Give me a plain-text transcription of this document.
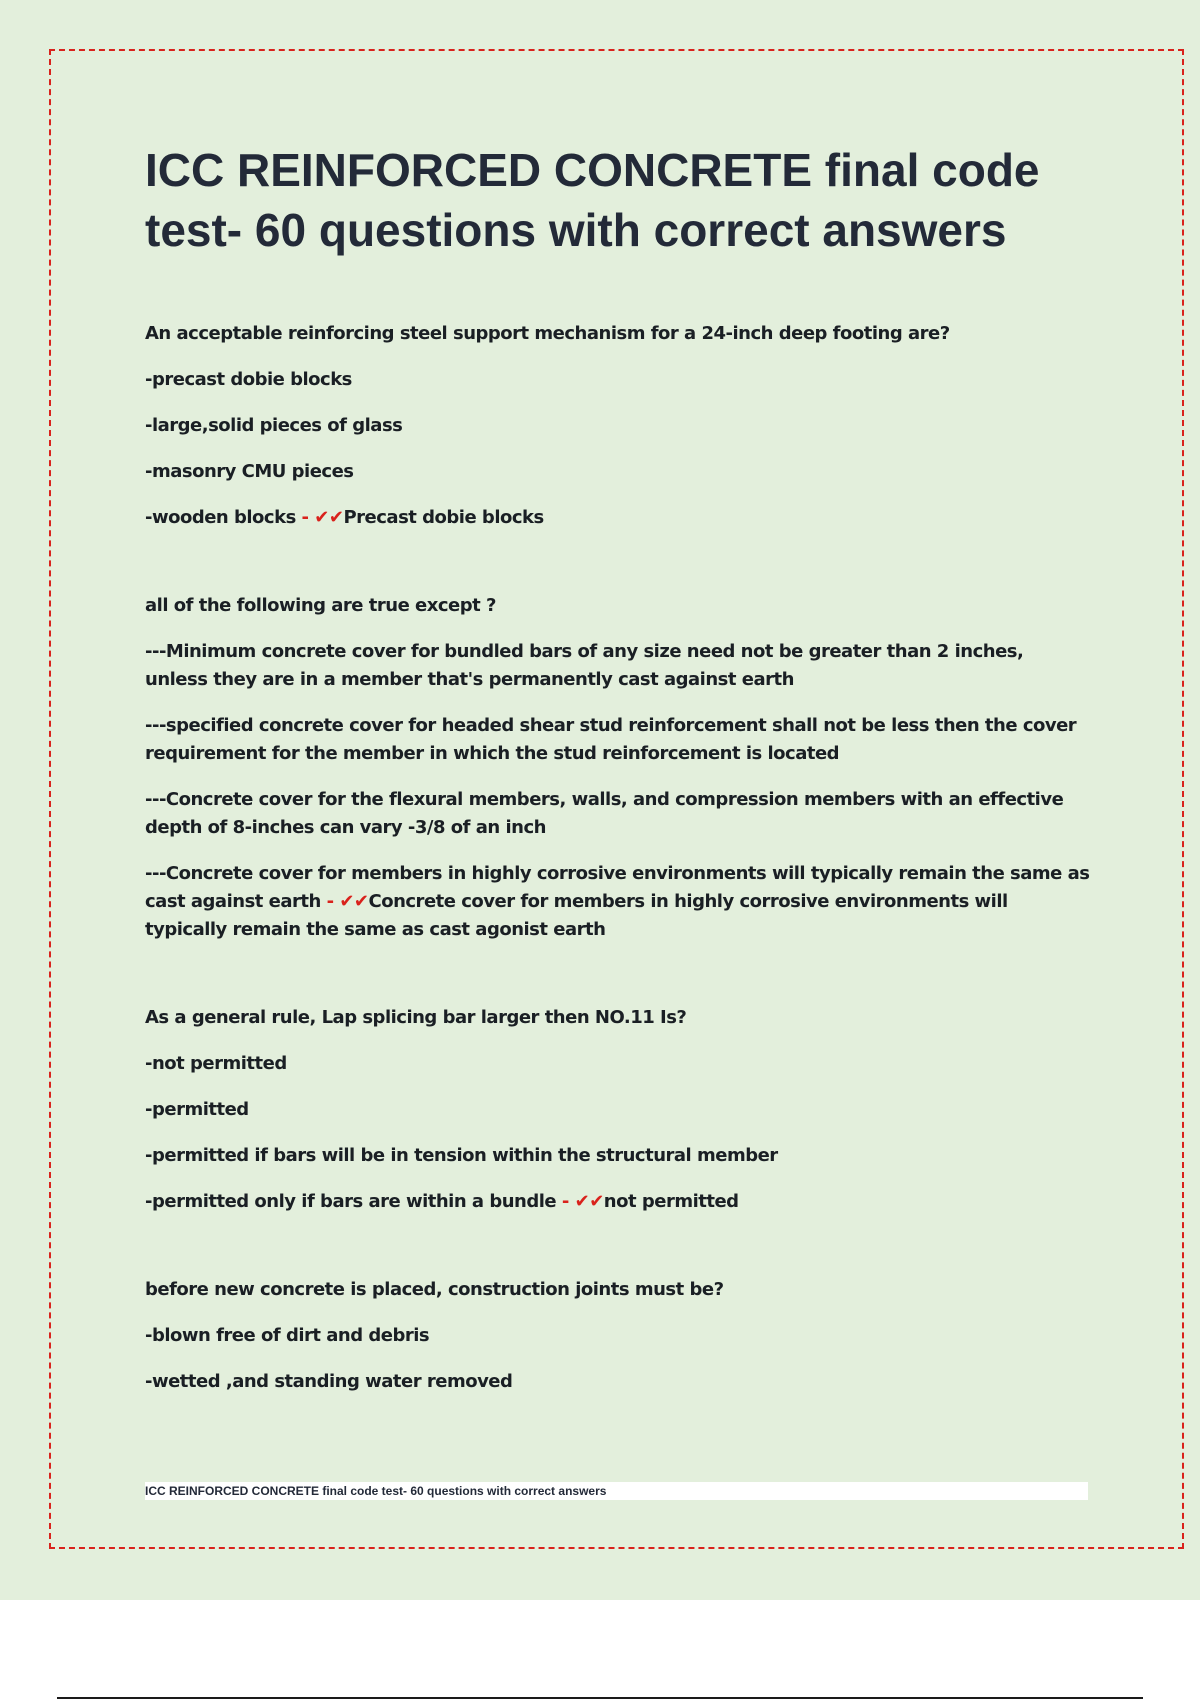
ICC REINFORCED CONCRETE final code test- 60 questions with correct answers

An acceptable reinforcing steel support mechanism for a 24-inch deep footing are?

-precast dobie blocks

-large,solid pieces of glass

-masonry CMU pieces

-wooden blocks - ✔✔Precast dobie blocks

all of the following are true except ?

---Minimum concrete cover for bundled bars of any size need not be greater than 2 inches, unless they are in a member that's permanently cast against earth

---specified concrete cover for headed shear stud reinforcement shall not be less then the cover requirement for the member in which the stud reinforcement is located

---Concrete cover for the flexural members, walls, and compression members with an effective depth of 8-inches can vary -3/8 of an inch

---Concrete cover for members in highly corrosive environments will typically remain the same as cast against earth - ✔✔Concrete cover for members in highly corrosive environments will typically remain the same as cast agonist earth

As a general rule, Lap splicing bar larger then NO.11 Is?

-not permitted

-permitted

-permitted if bars will be in tension within the structural member

-permitted only if bars are within a bundle - ✔✔not permitted

before new concrete is placed, construction joints must be?

-blown free of dirt and debris

-wetted ,and standing water removed

ICC REINFORCED CONCRETE final code test- 60 questions with correct answers
